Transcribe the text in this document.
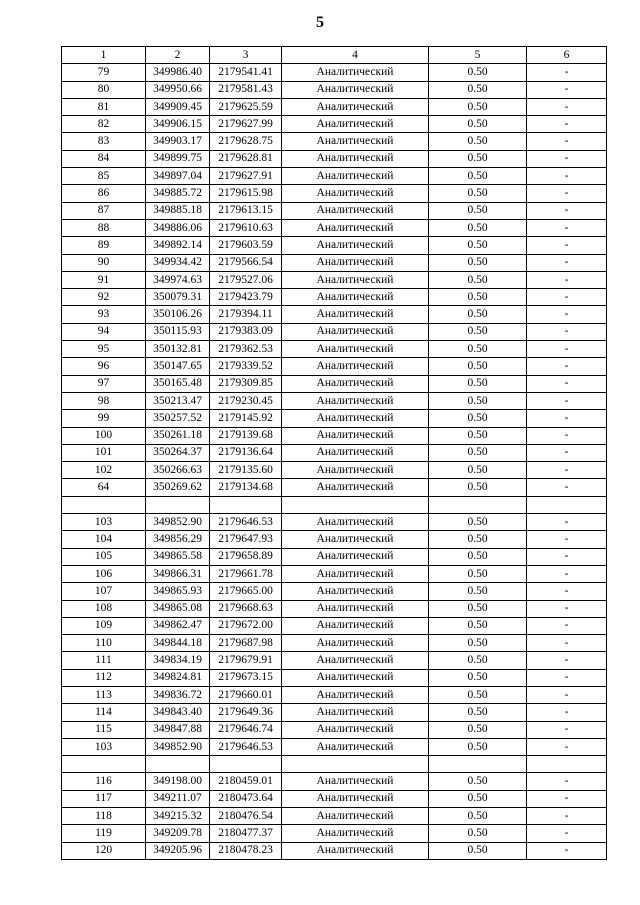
5
1	2	3	4	5	6
79	349986.40	2179541.41	Аналитический	0.50	-
80	349950.66	2179581.43	Аналитический	0.50	-
81	349909.45	2179625.59	Аналитический	0.50	-
82	349906.15	2179627.99	Аналитический	0.50	-
83	349903.17	2179628.75	Аналитический	0.50	-
84	349899.75	2179628.81	Аналитический	0.50	-
85	349897.04	2179627.91	Аналитический	0.50	-
86	349885.72	2179615.98	Аналитический	0.50	-
87	349885.18	2179613.15	Аналитический	0.50	-
88	349886.06	2179610.63	Аналитический	0.50	-
89	349892.14	2179603.59	Аналитический	0.50	-
90	349934.42	2179566.54	Аналитический	0.50	-
91	349974.63	2179527.06	Аналитический	0.50	-
92	350079.31	2179423.79	Аналитический	0.50	-
93	350106.26	2179394.11	Аналитический	0.50	-
94	350115.93	2179383.09	Аналитический	0.50	-
95	350132.81	2179362.53	Аналитический	0.50	-
96	350147.65	2179339.52	Аналитический	0.50	-
97	350165.48	2179309.85	Аналитический	0.50	-
98	350213.47	2179230.45	Аналитический	0.50	-
99	350257.52	2179145.92	Аналитический	0.50	-
100	350261.18	2179139.68	Аналитический	0.50	-
101	350264.37	2179136.64	Аналитический	0.50	-
102	350266.63	2179135.60	Аналитический	0.50	-
64	350269.62	2179134.68	Аналитический	0.50	-

103	349852.90	2179646.53	Аналитический	0.50	-
104	349856.29	2179647.93	Аналитический	0.50	-
105	349865.58	2179658.89	Аналитический	0.50	-
106	349866.31	2179661.78	Аналитический	0.50	-
107	349865.93	2179665.00	Аналитический	0.50	-
108	349865.08	2179668.63	Аналитический	0.50	-
109	349862.47	2179672.00	Аналитический	0.50	-
110	349844.18	2179687.98	Аналитический	0.50	-
111	349834.19	2179679.91	Аналитический	0.50	-
112	349824.81	2179673.15	Аналитический	0.50	-
113	349836.72	2179660.01	Аналитический	0.50	-
114	349843.40	2179649.36	Аналитический	0.50	-
115	349847.88	2179646.74	Аналитический	0.50	-
103	349852.90	2179646.53	Аналитический	0.50	-

116	349198.00	2180459.01	Аналитический	0.50	-
117	349211.07	2180473.64	Аналитический	0.50	-
118	349215.32	2180476.54	Аналитический	0.50	-
119	349209.78	2180477.37	Аналитический	0.50	-
120	349205.96	2180478.23	Аналитический	0.50	-
